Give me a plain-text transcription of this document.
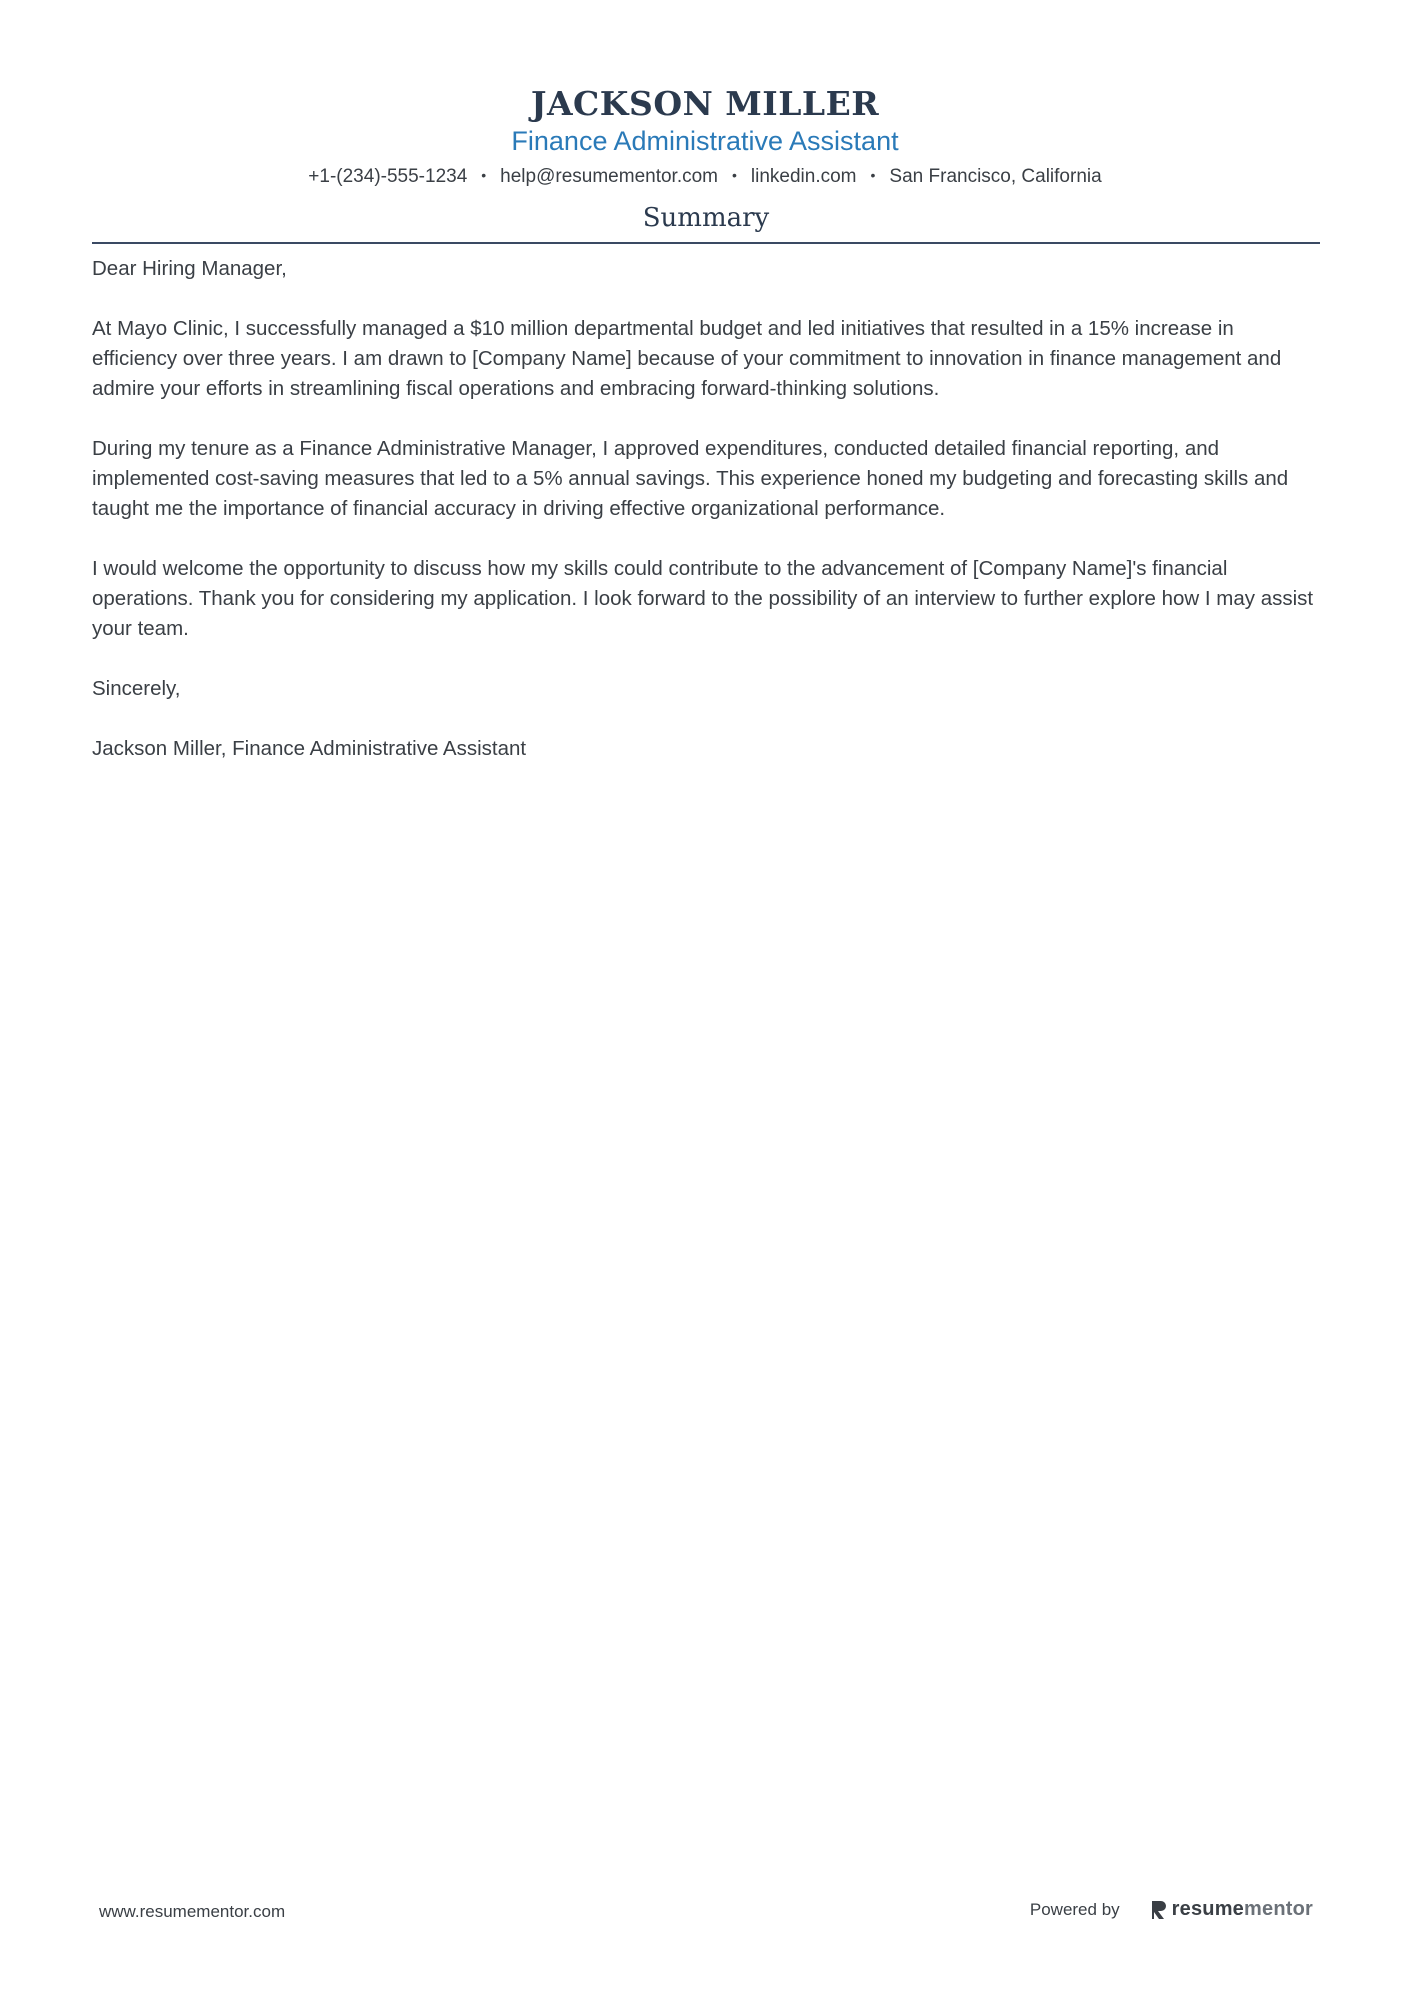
JACKSON MILLER
Finance Administrative Assistant
+1-(234)-555-1234 • help@resumementor.com • linkedin.com • San Francisco, California
Summary

Dear Hiring Manager,

At Mayo Clinic, I successfully managed a $10 million departmental budget and led initiatives that resulted in a 15% increase in efficiency over three years. I am drawn to [Company Name] because of your commitment to innovation in finance management and admire your efforts in streamlining fiscal operations and embracing forward-thinking solutions.

During my tenure as a Finance Administrative Manager, I approved expenditures, conducted detailed financial reporting, and implemented cost-saving measures that led to a 5% annual savings. This experience honed my budgeting and forecasting skills and taught me the importance of financial accuracy in driving effective organizational performance.

I would welcome the opportunity to discuss how my skills could contribute to the advancement of [Company Name]'s financial operations. Thank you for considering my application. I look forward to the possibility of an interview to further explore how I may assist your team.

Sincerely,

Jackson Miller, Finance Administrative Assistant

www.resumementor.com	Powered by	resume mentor
